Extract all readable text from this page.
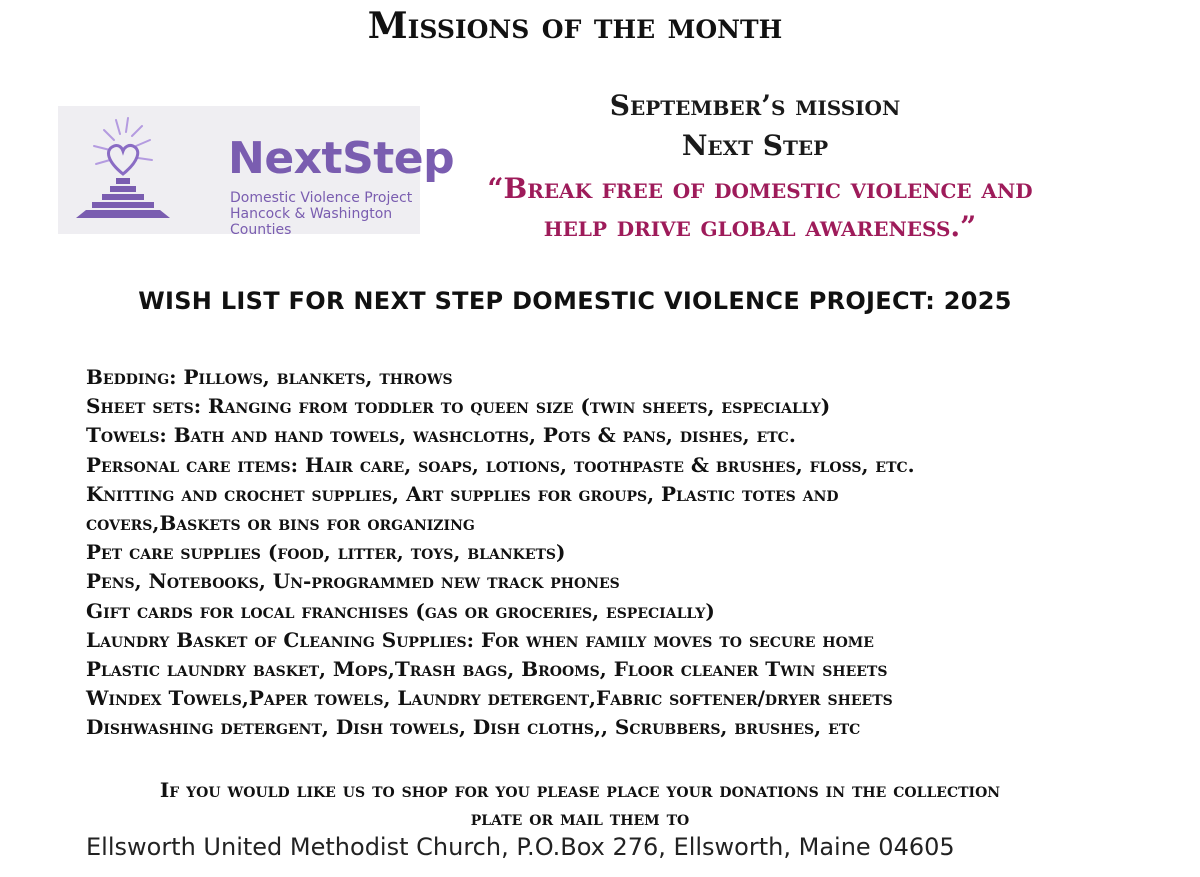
Missions of the month
NextStep
Domestic Violence Project
Hancock & Washington Counties
September’s mission
Next Step
“Break free of domestic violence and
help drive global awareness.”
WISH LIST FOR NEXT STEP DOMESTIC VIOLENCE PROJECT: 2025
Bedding: Pillows, blankets, throws
Sheet sets: Ranging from toddler to queen size (twin sheets, especially)
Towels: Bath and hand towels, washcloths, Pots & pans, dishes, etc.
Personal care items: Hair care, soaps, lotions, toothpaste & brushes, floss, etc.
Knitting and crochet supplies, Art supplies for groups, Plastic totes and
covers,Baskets or bins for organizing
Pet care supplies (food, litter, toys, blankets)
Pens, Notebooks, Un-programmed new track phones
Gift cards for local franchises (gas or groceries, especially)
Laundry Basket of Cleaning Supplies: For when family moves to secure home
Plastic laundry basket, Mops,Trash bags, Brooms, Floor cleaner Twin sheets
Windex Towels,Paper towels, Laundry detergent,Fabric softener/dryer sheets
Dishwashing detergent, Dish towels, Dish cloths,, Scrubbers, brushes, etc
If you would like us to shop for you please place your donations in the collection
plate or mail them to
Ellsworth United Methodist Church, P.O.Box 276, Ellsworth, Maine 04605
